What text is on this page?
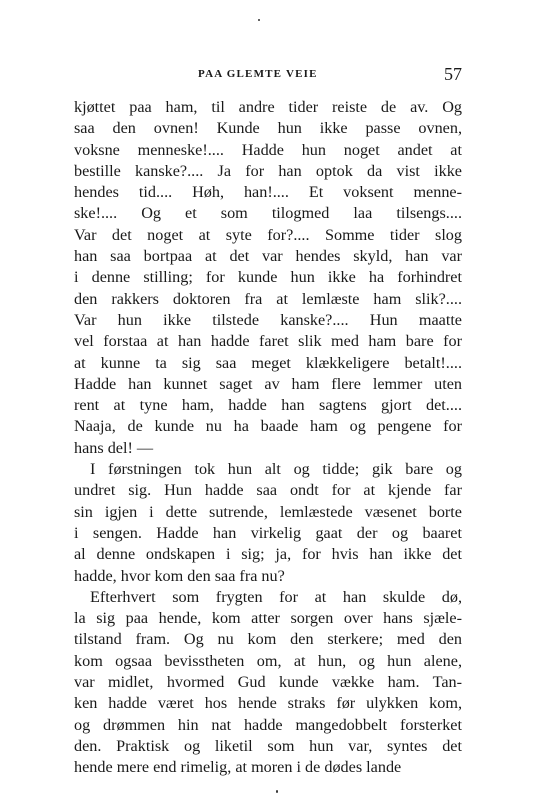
PAA GLEMTE VEIE	57
kjøttet paa ham, til andre tider reiste de av. Og
saa den ovnen! Kunde hun ikke passe ovnen,
voksne menneske!.... Hadde hun noget andet at
bestille kanske?.... Ja for han optok da vist ikke
hendes tid.... Høh, han!.... Et voksent menne-
ske!.... Og et som tilogmed laa tilsengs....
Var det noget at syte for?.... Somme tider slog
han saa bortpaa at det var hendes skyld, han var
i denne stilling; for kunde hun ikke ha forhindret
den rakkers doktoren fra at lemlæste ham slik?....
Var hun ikke tilstede kanske?.... Hun maatte
vel forstaa at han hadde faret slik med ham bare for
at kunne ta sig saa meget klækkeligere betalt!....
Hadde han kunnet saget av ham flere lemmer uten
rent at tyne ham, hadde han sagtens gjort det....
Naaja, de kunde nu ha baade ham og pengene for
hans del! —
I førstningen tok hun alt og tidde; gik bare og
undret sig. Hun hadde saa ondt for at kjende far
sin igjen i dette sutrende, lemlæstede væsenet borte
i sengen. Hadde han virkelig gaat der og baaret
al denne ondskapen i sig; ja, for hvis han ikke det
hadde, hvor kom den saa fra nu?
Efterhvert som frygten for at han skulde dø,
la sig paa hende, kom atter sorgen over hans sjæle-
tilstand fram. Og nu kom den sterkere; med den
kom ogsaa bevisstheten om, at hun, og hun alene,
var midlet, hvormed Gud kunde vække ham. Tan-
ken hadde været hos hende straks før ulykken kom,
og drømmen hin nat hadde mangedobbelt forsterket
den. Praktisk og liketil som hun var, syntes det
hende mere end rimelig, at moren i de dødes lande
